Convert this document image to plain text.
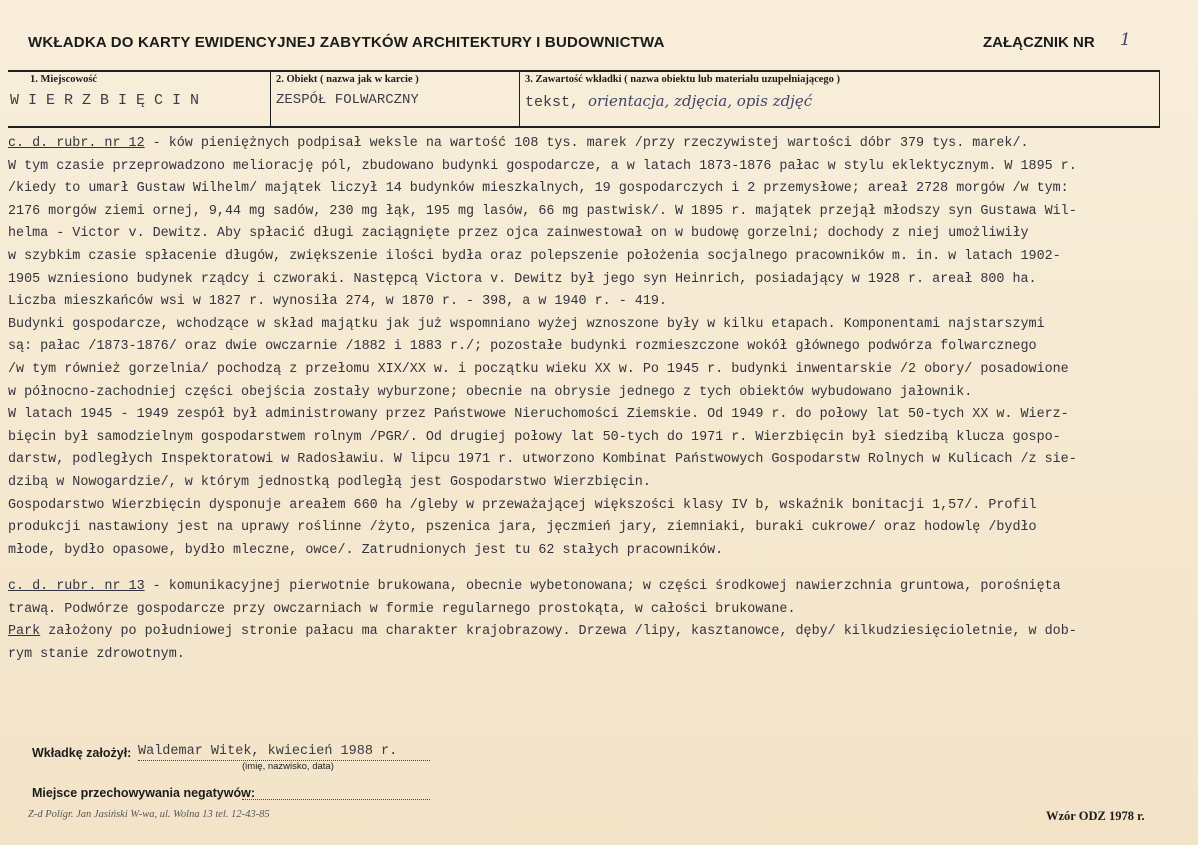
WKŁADKA DO KARTY EWIDENCYJNEJ ZABYTKÓW ARCHITEKTURY I BUDOWNICTWA	ZAŁĄCZNIK NR 1
1. Miejscowość
WIERZBIĘCIN
2. Obiekt ( nazwa jak w karcie )
ZESPÓŁ FOLWARCZNY
3. Zawartość wkładki ( nazwa obiektu lub materiału uzupełniającego )
tekst, orientacja, zdjęcia, opis zdjęć
c. d. rubr. nr 12 - ków pieniężnych podpisał weksle na wartość 108 tys. marek /przy rzeczywistej wartości dóbr 379 tys. marek/.
W tym czasie przeprowadzono meliorację pól, zbudowano budynki gospodarcze, a w latach 1873-1876 pałac w stylu eklektycznym. W 1895 r.
/kiedy to umarł Gustaw Wilhelm/ majątek liczył 14 budynków mieszkalnych, 19 gospodarczych i 2 przemysłowe; areał 2728 morgów /w tym:
2176 morgów ziemi ornej, 9,44 mg sadów, 230 mg łąk, 195 mg lasów, 66 mg pastwisk/. W 1895 r. majątek przejął młodszy syn Gustawa Wil-
helma - Victor v. Dewitz. Aby spłacić długi zaciągnięte przez ojca zainwestował on w budowę gorzelni; dochody z niej umożliwiły
w szybkim czasie spłacenie długów, zwiększenie ilości bydła oraz polepszenie położenia socjalnego pracowników m. in. w latach 1902-
1905 wzniesiono budynek rządcy i czworaki. Następcą Victora v. Dewitz był jego syn Heinrich, posiadający w 1928 r. areał 800 ha.
Liczba mieszkańców wsi w 1827 r. wynosiła 274, w 1870 r. - 398, a w 1940 r. - 419.
Budynki gospodarcze, wchodzące w skład majątku jak już wspomniano wyżej wznoszone były w kilku etapach. Komponentami najstarszymi
są: pałac /1873-1876/ oraz dwie owczarnie /1882 i 1883 r./; pozostałe budynki rozmieszczone wokół głównego podwórza folwarcznego
/w tym również gorzelnia/ pochodzą z przełomu XIX/XX w. i początku wieku XX w. Po 1945 r. budynki inwentarskie /2 obory/ posadowione
w północno-zachodniej części obejścia zostały wyburzone; obecnie na obrysie jednego z tych obiektów wybudowano jałownik.
W latach 1945 - 1949 zespół był administrowany przez Państwowe Nieruchomości Ziemskie. Od 1949 r. do połowy lat 50-tych XX w. Wierz-
bięcin był samodzielnym gospodarstwem rolnym /PGR/. Od drugiej połowy lat 50-tych do 1971 r. Wierzbięcin był siedzibą klucza gospo-
darstw, podległych Inspektoratowi w Radosławiu. W lipcu 1971 r. utworzono Kombinat Państwowych Gospodarstw Rolnych w Kulicach /z sie-
dzibą w Nowogardzie/, w którym jednostką podległą jest Gospodarstwo Wierzbięcin.
Gospodarstwo Wierzbięcin dysponuje areałem 660 ha /gleby w przeważającej większości klasy IV b, wskaźnik bonitacji 1,57/. Profil
produkcji nastawiony jest na uprawy roślinne /żyto, pszenica jara, jęczmień jary, ziemniaki, buraki cukrowe/ oraz hodowlę /bydło
młode, bydło opasowe, bydło mleczne, owce/. Zatrudnionych jest tu 62 stałych pracowników.
c. d. rubr. nr 13 - komunikacyjnej pierwotnie brukowana, obecnie wybetonowana; w części środkowej nawierzchnia gruntowa, porośnięta
trawą. Podwórze gospodarcze przy owczarniach w formie regularnego prostokąta, w całości brukowane.
Park założony po południowej stronie pałacu ma charakter krajobrazowy. Drzewa /lipy, kasztanowce, dęby/ kilkudziesięcioletnie, w dob-
rym stanie zdrowotnym.
Wkładkę założył: Waldemar Witek, kwiecień 1988 r.
(imię, nazwisko, data)
Miejsce przechowywania negatywów:
Z-d Polígr. Jan Jasiński W-wa, ul. Wolna 13 tel. 12-43-85	Wzór ODZ 1978 r.
